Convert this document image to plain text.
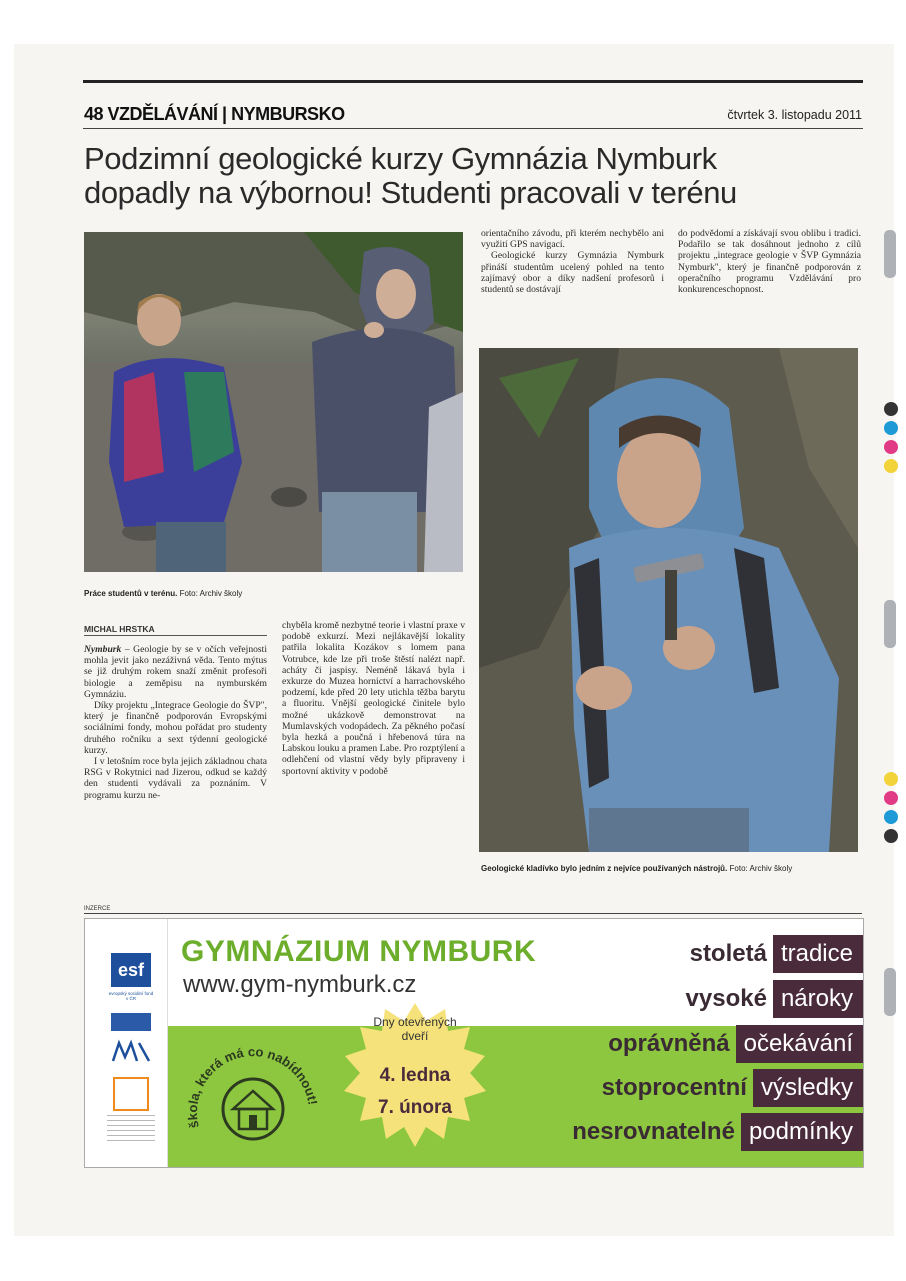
48 VZDĚLÁVÁNÍ | NYMBURSKO	čtvrtek 3. listopadu 2011
Podzimní geologické kurzy Gymnázia Nymburk
dopadly na výbornou! Studenti pracovali v terénu
Práce studentů v terénu. Foto: Archiv školy
Geologické kladívko bylo jedním z nejvíce používaných nástrojů. Foto: Archiv školy
MICHAL HRSTKA

Nymburk – Geologie by se v očích veřejnosti mohla jevit jako nezáživná věda. Tento mýtus se již druhým rokem snaží změnit profesoři biologie a zeměpisu na nymburském Gymnáziu.

Díky projektu „Integrace Geologie do ŠVP", který je finančně podporován Evropskými sociálními fondy, mohou pořádat pro studenty druhého ročníku a sext týdenní geologické kurzy.

I v letošním roce byla jejich základnou chata RSG v Rokytnici nad Jizerou, odkud se každý den studenti vydávali za poznáním. V programu kurzu ne-

chyběla kromě nezbytné teorie i vlastní praxe v podobě exkurzí. Mezi nejlákavější lokality patřila lokalita Kozákov s lomem pana Votrubce, kde lze při troše štěstí nalézt např. acháty či jaspisy. Neméně lákavá byla i exkurze do Muzea hornictví a harrachovského podzemí, kde před 20 lety utichla těžba barytu a fluoritu. Vnější geologické činitele bylo možné ukázkově demonstrovat na Mumlavských vodopádech. Za pěkného počasí byla hezká a poučná i hřebenová túra na Labskou louku a pramen Labe. Pro rozptýlení a odlehčení od vlastní vědy byly připraveny i sportovní aktivity v podobě

orientačního závodu, při kterém nechybělo ani využití GPS navigací.

Geologické kurzy Gymnázia Nymburk přináší studentům ucelený pohled na tento zajímavý obor a díky nadšení profesorů i studentů se dostávají

do podvědomí a získávají svou oblibu i tradici. Podařilo se tak dosáhnout jednoho z cílů projektu „integrace geologie v ŠVP Gymnázia Nymburk", který je finančně podporován z operačního programu Vzdělávání pro konkurenceschopnost.

INZERCE
esf
evropský sociální fond v ČR
GYMNÁZIUM NYMBURK
www.gym-nymburk.cz
škola, která má co nabídnout!
Dny otevřených dveří
4. ledna
7. února
stoletá tradice
vysoké nároky
oprávněná očekávání
stoprocentní výsledky
nesrovnatelné podmínky
